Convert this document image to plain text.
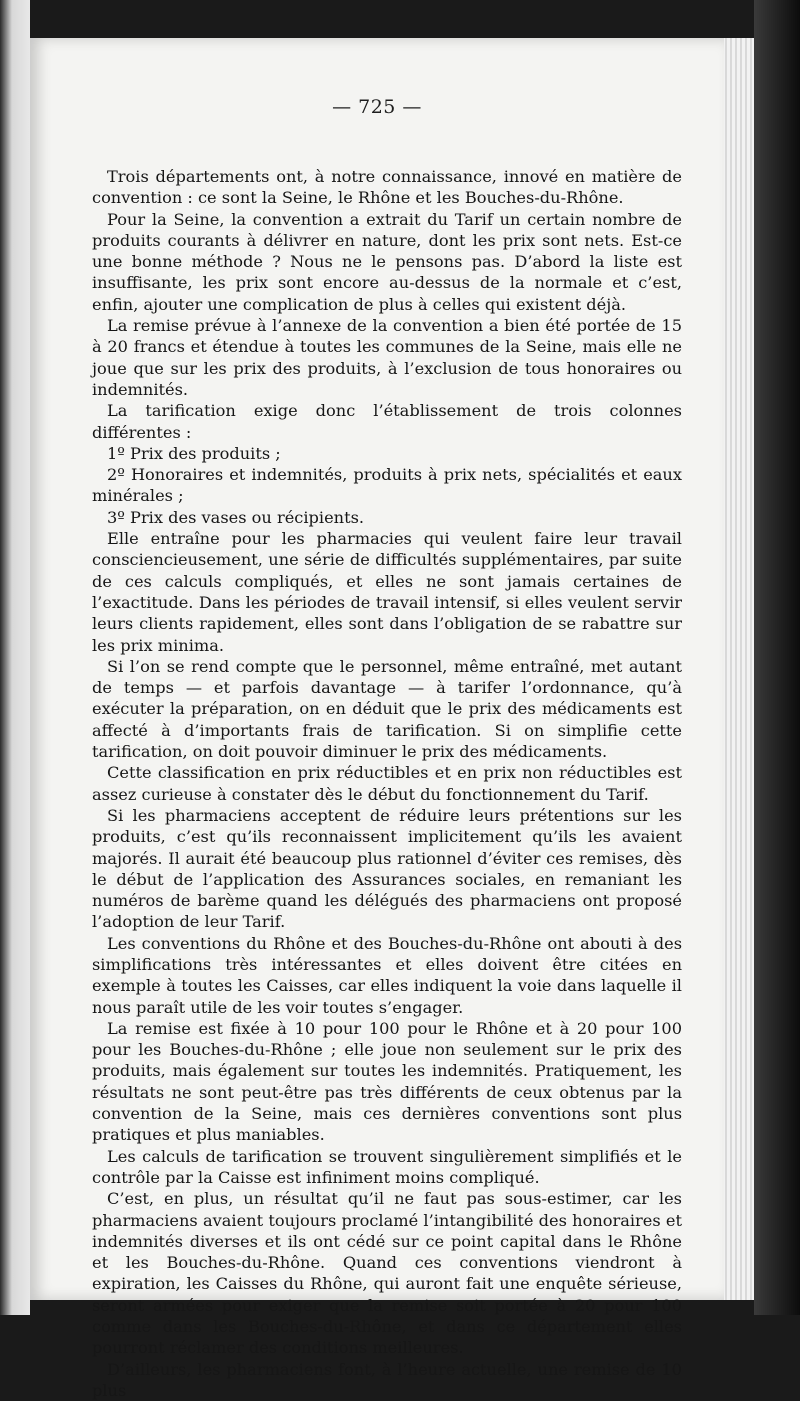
— 725 —

Trois départements ont, à notre connaissance, innové en matière de convention : ce sont la Seine, le Rhône et les Bouches-du-Rhône.

Pour la Seine, la convention a extrait du Tarif un certain nombre de produits courants à délivrer en nature, dont les prix sont nets. Est-ce une bonne méthode ? Nous ne le pensons pas. D’abord la liste est insuffisante, les prix sont encore au-dessus de la normale et c’est, enfin, ajouter une complication de plus à celles qui existent déjà.

La remise prévue à l’annexe de la convention a bien été portée de 15 à 20 francs et étendue à toutes les communes de la Seine, mais elle ne joue que sur les prix des produits, à l’exclusion de tous honoraires ou indemnités.

La tarification exige donc l’établissement de trois colonnes différentes :

1º Prix des produits ;

2º Honoraires et indemnités, produits à prix nets, spécialités et eaux minérales ;

3º Prix des vases ou récipients.

Elle entraîne pour les pharmacies qui veulent faire leur travail consciencieusement, une série de difficultés supplémentaires, par suite de ces calculs compliqués, et elles ne sont jamais certaines de l’exactitude. Dans les périodes de travail intensif, si elles veulent servir leurs clients rapidement, elles sont dans l’obligation de se rabattre sur les prix minima.

Si l’on se rend compte que le personnel, même entraîné, met autant de temps — et parfois davantage — à tarifer l’ordonnance, qu’à exécuter la préparation, on en déduit que le prix des médicaments est affecté à d’importants frais de tarification. Si on simplifie cette tarification, on doit pouvoir diminuer le prix des médicaments.

Cette classification en prix réductibles et en prix non réductibles est assez curieuse à constater dès le début du fonctionnement du Tarif.

Si les pharmaciens acceptent de réduire leurs prétentions sur les produits, c’est qu’ils reconnaissent implicitement qu’ils les avaient majorés. Il aurait été beaucoup plus rationnel d’éviter ces remises, dès le début de l’application des Assurances sociales, en remaniant les numéros de barème quand les délégués des pharmaciens ont proposé l’adoption de leur Tarif.

Les conventions du Rhône et des Bouches-du-Rhône ont abouti à des simplifications très intéressantes et elles doivent être citées en exemple à toutes les Caisses, car elles indiquent la voie dans laquelle il nous paraît utile de les voir toutes s’engager.

La remise est fixée à 10 pour 100 pour le Rhône et à 20 pour 100 pour les Bouches-du-Rhône ; elle joue non seulement sur le prix des produits, mais également sur toutes les indemnités. Pratiquement, les résultats ne sont peut-être pas très différents de ceux obtenus par la convention de la Seine, mais ces dernières conventions sont plus pratiques et plus maniables.

Les calculs de tarification se trouvent singulièrement simplifiés et le contrôle par la Caisse est infiniment moins compliqué.

C’est, en plus, un résultat qu’il ne faut pas sous-estimer, car les pharmaciens avaient toujours proclamé l’intangibilité des honoraires et indemnités diverses et ils ont cédé sur ce point capital dans le Rhône et les Bouches-du-Rhône. Quand ces conventions viendront à expiration, les Caisses du Rhône, qui auront fait une enquête sérieuse, seront armées pour exiger que la remise soit portée à 20 pour 100 comme dans les Bouches-du-Rhône, et dans ce département elles pourront réclamer des conditions meilleures.

D’ailleurs, les pharmaciens font, à l’heure actuelle, une remise de 10 plus
